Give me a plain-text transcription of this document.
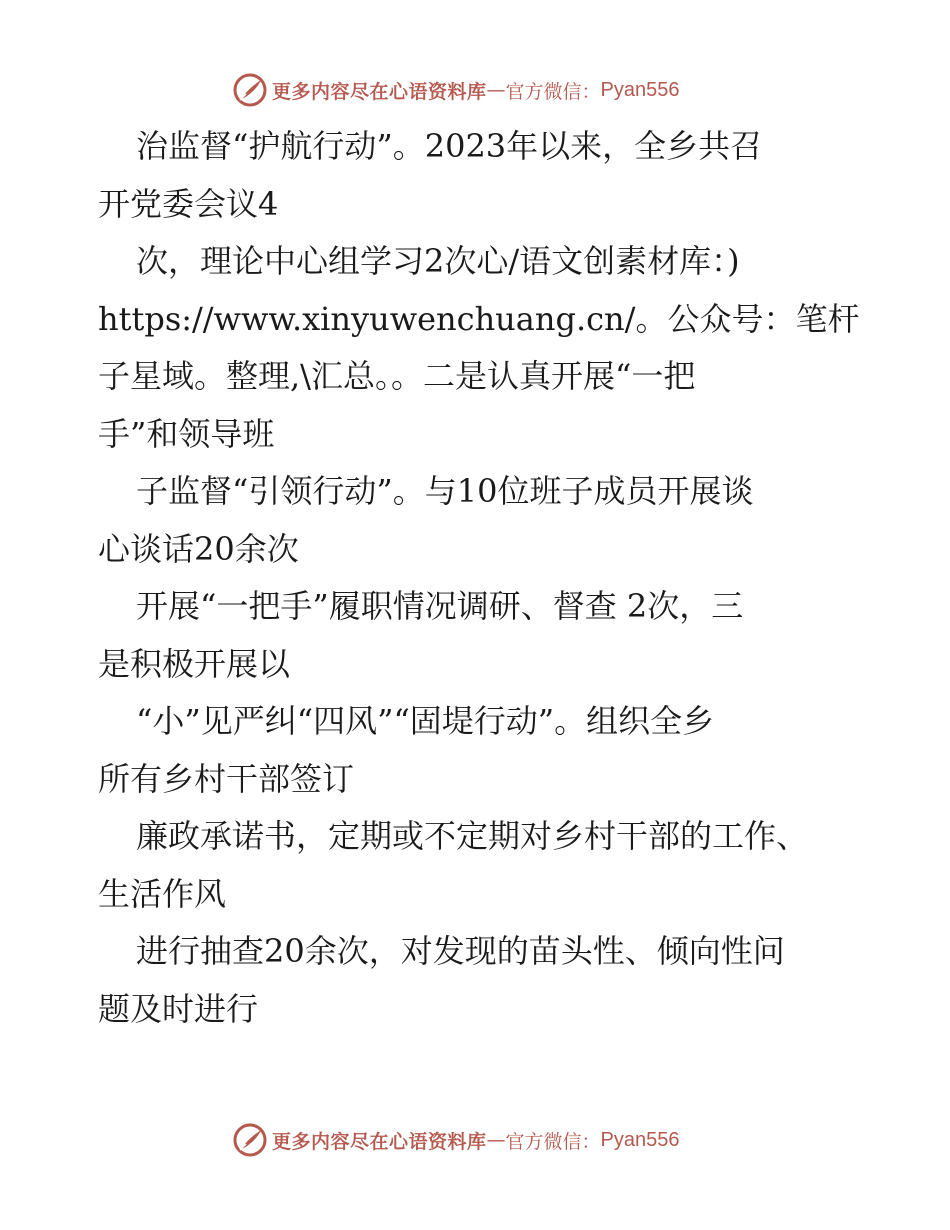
更多内容尽在心语资料库 — 官方微信： Pyan556
治监督“护航行动”。2023年以来，全乡共召
开党委会议4
次，理论中心组学习2次心/语文创素材库：)
https://www.xinyuwenchuang.cn/。公众号：笔杆
子星域。整理,\汇总。。二是认真开展“一把
手”和领导班
子监督“引领行动”。与10位班子成员开展谈
心谈话20余次
开展“一把手”履职情况调研、督查 2次，三
是积极开展以
“小”见严纠“四风”“固堤行动”。组织全乡
所有乡村干部签订
廉政承诺书，定期或不定期对乡村干部的工作、
生活作风
进行抽查20余次，对发现的苗头性、倾向性问
题及时进行
更多内容尽在心语资料库 — 官方微信： Pyan556
